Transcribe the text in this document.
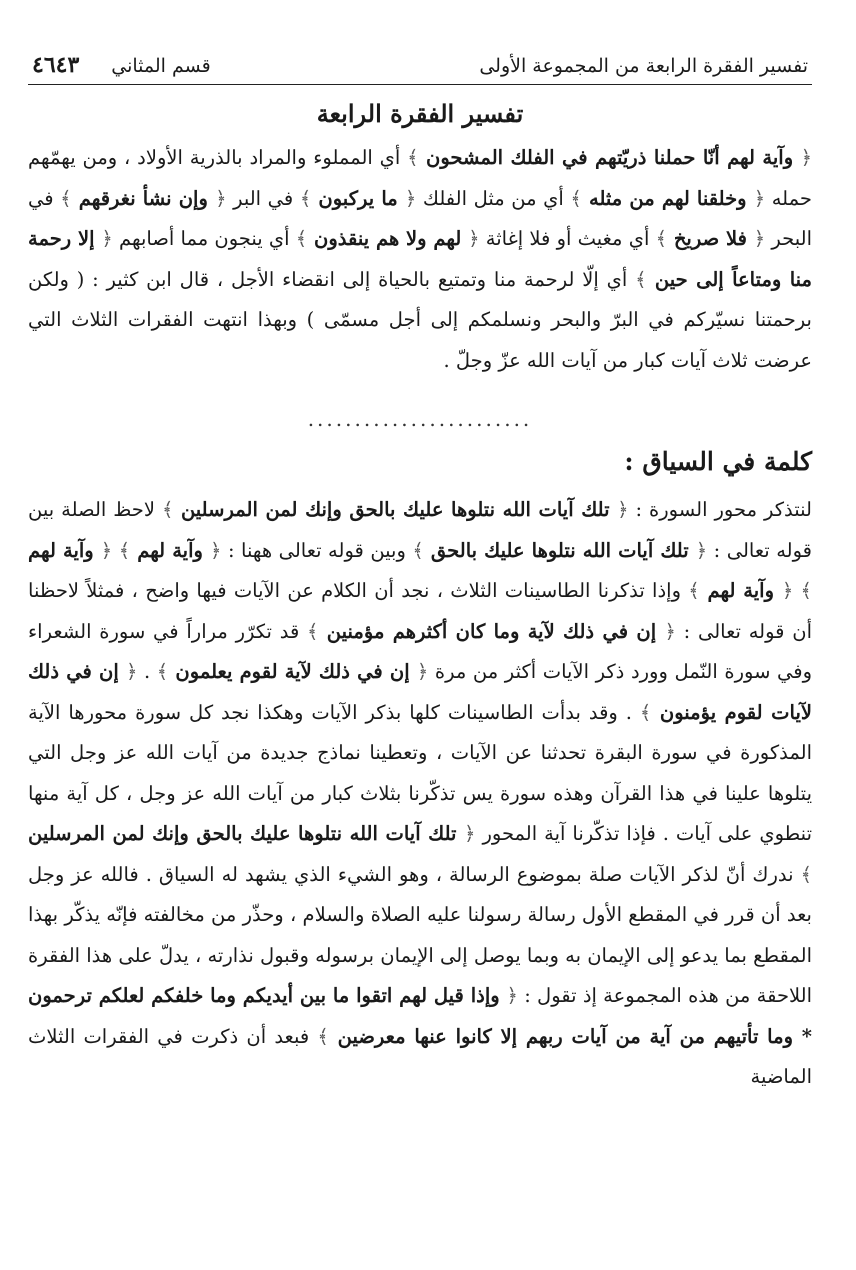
تفسير الفقرة الرابعة من المجموعة الأولى
قسم المثاني
٤٦٤٣
تفسير الفقرة الرابعة

﴿ وآية لهم أنّا حملنا ذريّتهم في الفلك المشحون ﴾ أي المملوء والمراد بالذرية الأولاد ، ومن يهمّهم حمله ﴿ وخلقنا لهم من مثله ﴾ أي من مثل الفلك ﴿ ما يركبون ﴾ في البر ﴿ وإن نشأ نغرقهم ﴾ في البحر ﴿ فلا صريخ ﴾ أي مغيث أو فلا إغاثة ﴿ لهم ولا هم ينقذون ﴾ أي ينجون مما أصابهم ﴿ إلا رحمة منا ومتاعاً إلى حين ﴾ أي إلّا لرحمة منا وتمتيع بالحياة إلى انقضاء الأجل ، قال ابن كثير : ( ولكن برحمتنا نسيّركم في البرّ والبحر ونسلمكم إلى أجل مسمّى ) وبهذا انتهت الفقرات الثلاث التي عرضت ثلاث آيات كبار من آيات الله عزّ وجلّ .

........................
كلمة في السياق :

لنتذكر محور السورة : ﴿ تلك آيات الله نتلوها عليك بالحق وإنك لمن المرسلين ﴾ لاحظ الصلة بين قوله تعالى : ﴿ تلك آيات الله نتلوها عليك بالحق ﴾ وبين قوله تعالى ههنا : ﴿ وآية لهم ﴾ ﴿ وآية لهم ﴾ ﴿ وآية لهم ﴾ وإذا تذكرنا الطاسينات الثلاث ، نجد أن الكلام عن الآيات فيها واضح ، فمثلاً لاحظنا أن قوله تعالى : ﴿ إن في ذلك لآية وما كان أكثرهم مؤمنين ﴾ قد تكرّر مراراً في سورة الشعراء وفي سورة النّمل وورد ذكر الآيات أكثر من مرة ﴿ إن في ذلك لآية لقوم يعلمون ﴾ . ﴿ إن في ذلك لآيات لقوم يؤمنون ﴾ . وقد بدأت الطاسينات كلها بذكر الآيات وهكذا نجد كل سورة محورها الآية المذكورة في سورة البقرة تحدثنا عن الآيات ، وتعطينا نماذج جديدة من آيات الله عز وجل التي يتلوها علينا في هذا القرآن وهذه سورة يس تذكّرنا بثلاث كبار من آيات الله عز وجل ، كل آية منها تنطوي على آيات . فإذا تذكّرنا آية المحور ﴿ تلك آيات الله نتلوها عليك بالحق وإنك لمن المرسلين ﴾ ندرك أنّ لذكر الآيات صلة بموضوع الرسالة ، وهو الشيء الذي يشهد له السياق . فالله عز وجل بعد أن قرر في المقطع الأول رسالة رسولنا عليه الصلاة والسلام ، وحذّر من مخالفته فإنّه يذكّر بهذا المقطع بما يدعو إلى الإيمان به وبما يوصل إلى الإيمان برسوله وقبول نذارته ، يدلّ على هذا الفقرة اللاحقة من هذه المجموعة إذ تقول : ﴿ وإذا قيل لهم اتقوا ما بين أيديكم وما خلفكم لعلكم ترحمون * وما تأتيهم من آية من آيات ربهم إلا كانوا عنها معرضين ﴾ فبعد أن ذكرت في الفقرات الثلاث الماضية
